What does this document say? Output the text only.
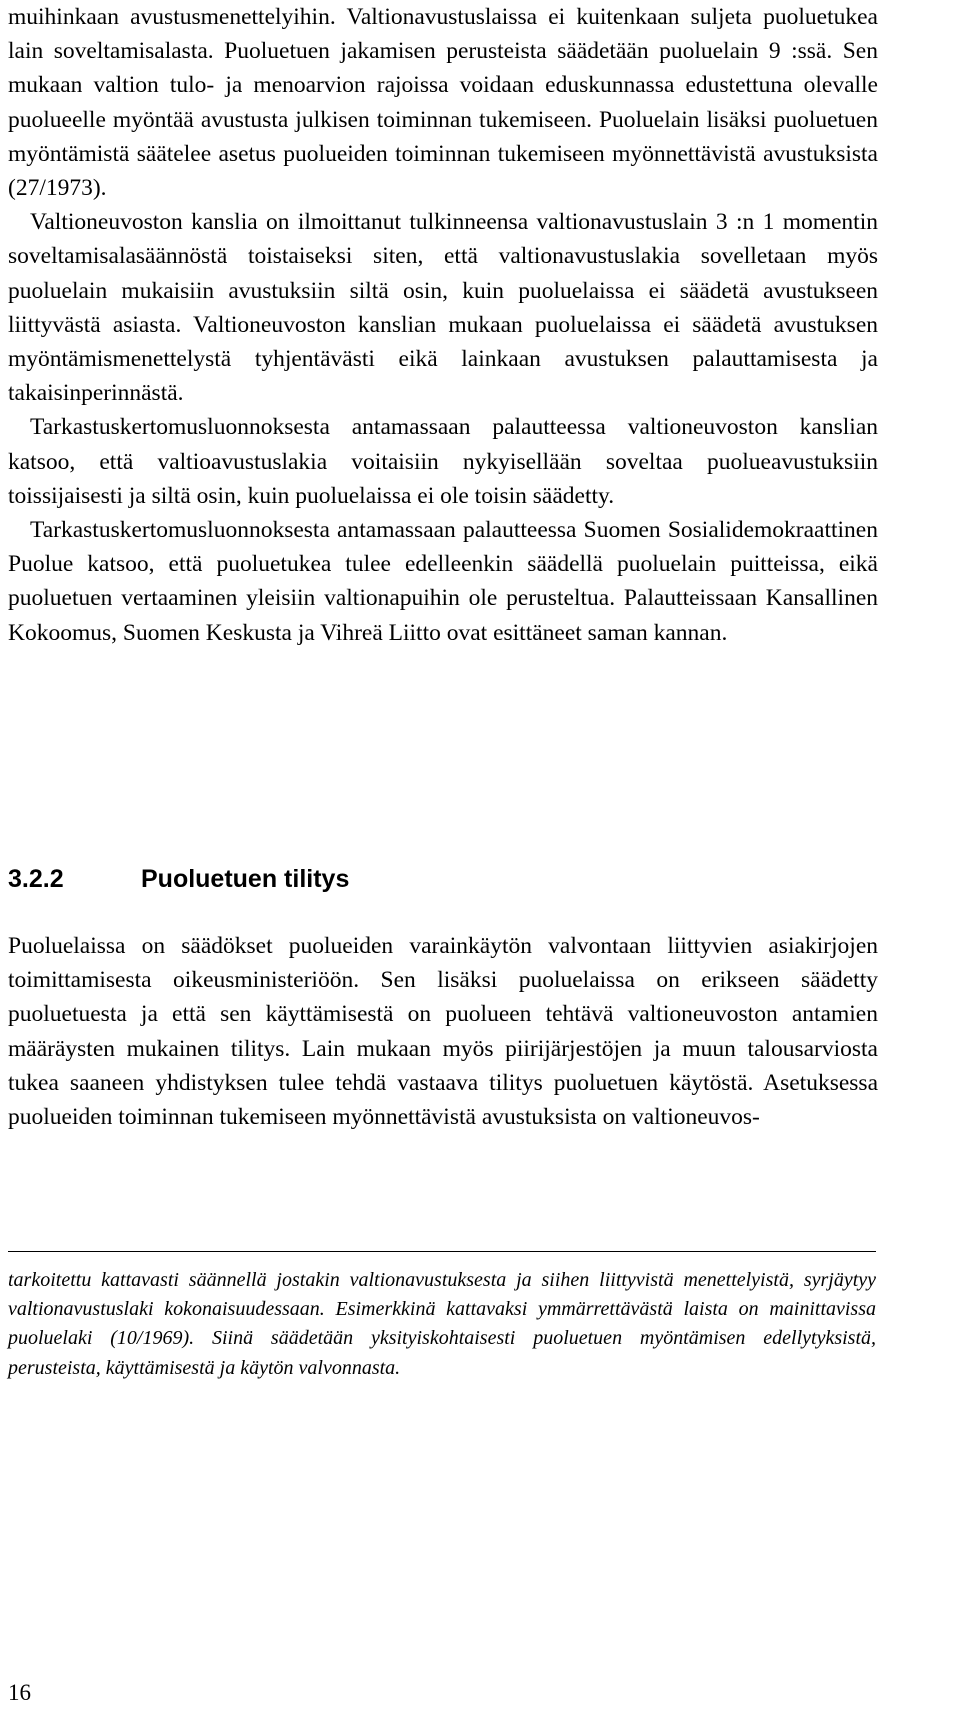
muihinkaan avustusmenettelyihin. Valtionavustuslaissa ei kuitenkaan suljeta puoluetukea lain soveltamisalasta. Puoluetuen jakamisen perusteista säädetään puoluelain 9 :ssä. Sen mukaan valtion tulo- ja menoarvion rajoissa voidaan eduskunnassa edustettuna olevalle puolueelle myöntää avustusta julkisen toiminnan tukemiseen. Puoluelain lisäksi puoluetuen myöntämistä säätelee asetus puolueiden toiminnan tukemiseen myönnettävistä avustuksista (27/1973).

Valtioneuvoston kanslia on ilmoittanut tulkinneensa valtionavustuslain 3 :n 1 momentin soveltamisalasäännöstä toistaiseksi siten, että valtionavustuslakia sovelletaan myös puoluelain mukaisiin avustuksiin siltä osin, kuin puoluelaissa ei säädetä avustukseen liittyvästä asiasta. Valtioneuvoston kanslian mukaan puoluelaissa ei säädetä avustuksen myöntämismenettelystä tyhjentävästi eikä lainkaan avustuksen palauttamisesta ja takaisinperinnästä.

Tarkastuskertomusluonnoksesta antamassaan palautteessa valtioneuvoston kanslian katsoo, että valtioavustuslakia voitaisiin nykyisellään soveltaa puolueavustuksiin toissijaisesti ja siltä osin, kuin puoluelaissa ei ole toisin säädetty.

Tarkastuskertomusluonnoksesta antamassaan palautteessa Suomen Sosialidemokraattinen Puolue katsoo, että puoluetukea tulee edelleenkin säädellä puoluelain puitteissa, eikä puoluetuen vertaaminen yleisiin valtionapuihin ole perusteltua. Palautteissaan Kansallinen Kokoomus, Suomen Keskusta ja Vihreä Liitto ovat esittäneet saman kannan.

3.2.2	Puoluetuen tilitys

Puoluelaissa on säädökset puolueiden varainkäytön valvontaan liittyvien asiakirjojen toimittamisesta oikeusministeriöön. Sen lisäksi puoluelaissa on erikseen säädetty puoluetuesta ja että sen käyttämisestä on puolueen tehtävä valtioneuvoston antamien määräysten mukainen tilitys. Lain mukaan myös piirijärjestöjen ja muun talousarviosta tukea saaneen yhdistyksen tulee tehdä vastaava tilitys puoluetuen käytöstä. Asetuksessa puolueiden toiminnan tukemiseen myönnettävistä avustuksista on valtioneuvos-

tarkoitettu kattavasti säännellä jostakin valtionavustuksesta ja siihen liittyvistä menettelyistä, syrjäytyy valtionavustuslaki kokonaisuudessaan. Esimerkkinä kattavaksi ymmärrettävästä laista on mainittavissa puoluelaki (10/1969). Siinä säädetään yksityiskohtaisesti puoluetuen myöntämisen edellytyksistä, perusteista, käyttämisestä ja käytön valvonnasta.

16
